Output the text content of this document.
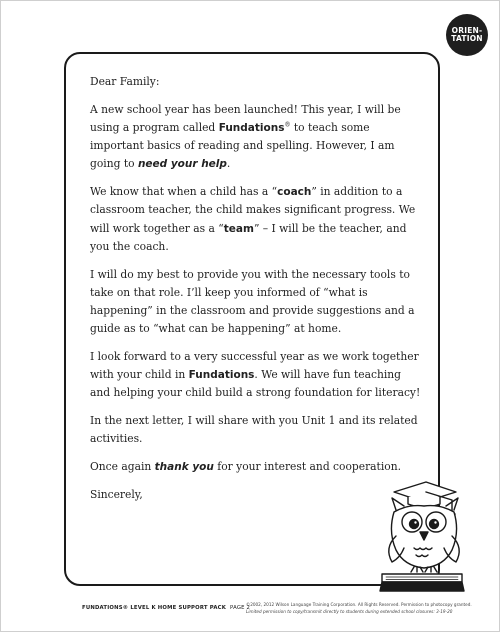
ORIEN-
TATION

Dear Family:

A new school year has been launched! This year, I will be using a program called Fundations® to teach some important basics of reading and spelling. However, I am going to need your help.

We know that when a child has a “coach” in addition to a classroom teacher, the child makes significant progress. We will work together as a “team” – I will be the teacher, and you the coach.

I will do my best to provide you with the necessary tools to take on that role. I’ll keep you informed of “what is happening” in the classroom and provide suggestions and a guide as to “what can be happening” at home.

I look forward to a very successful year as we work together with your child in Fundations. We will have fun teaching and helping your child build a strong foundation for literacy!

In the next letter, I will share with you Unit 1 and its related activities.

Once again thank you for your interest and cooperation.

Sincerely,

FUNDATIONS® LEVEL K HOME SUPPORT PACK PAGE 2
©2002, 2012 Wilson Language Training Corporation. All Rights Reserved. Permission to photocopy granted.
Limited permission to copy/transmit directly to students during extended school closures: 3-19-20
